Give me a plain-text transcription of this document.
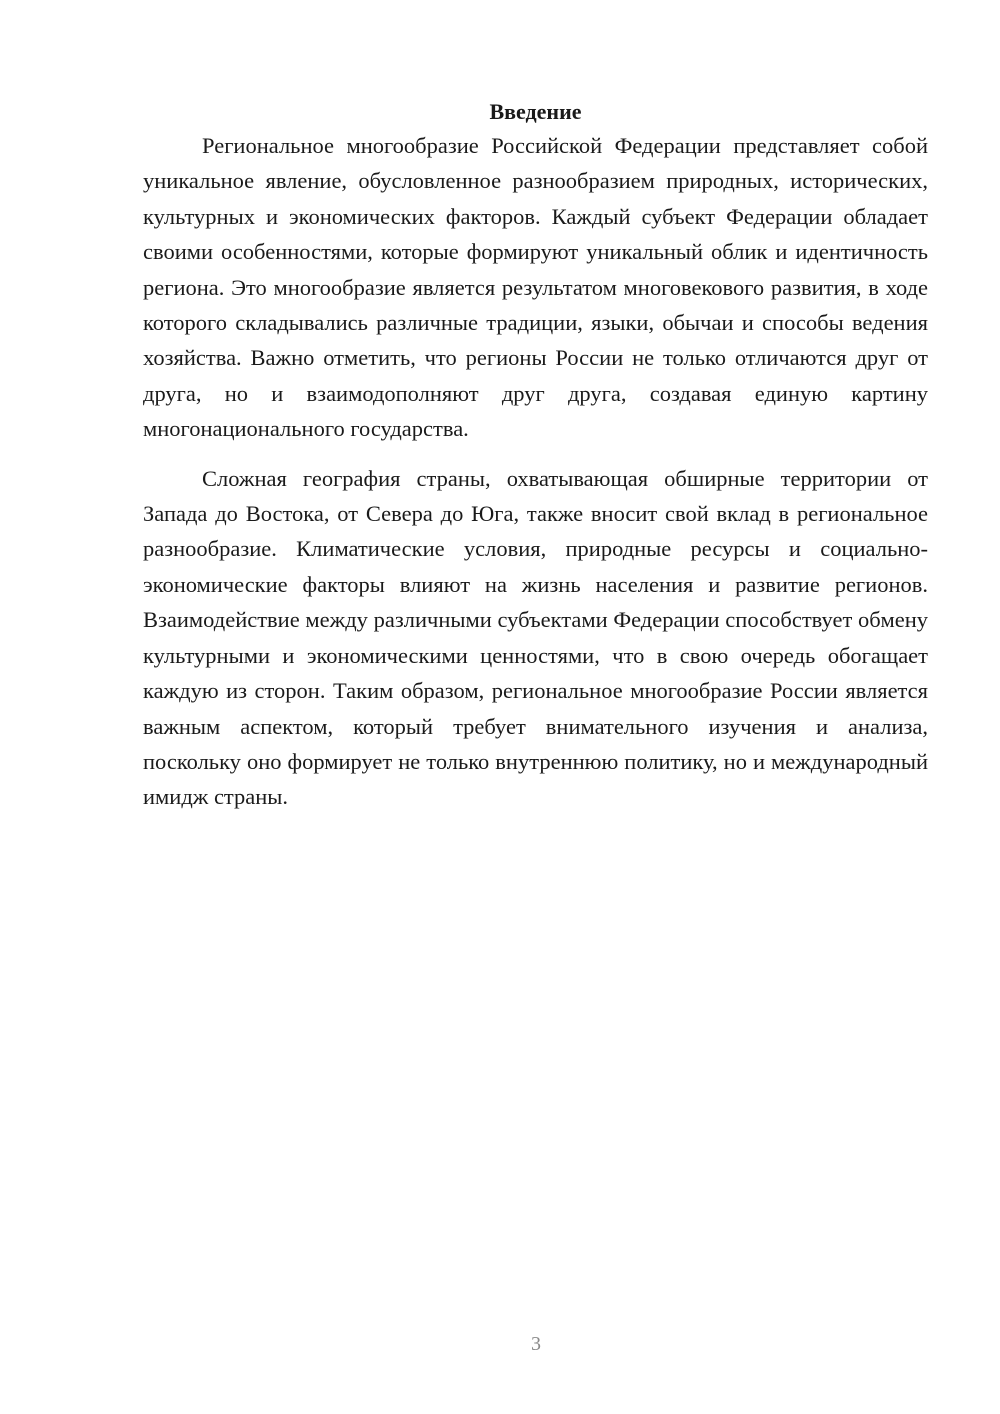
Введение

Региональное многообразие Российской Федерации представляет собой уникальное явление, обусловленное разнообразием природных, исторических, культурных и экономических факторов. Каждый субъект Федерации обладает своими особенностями, которые формируют уникальный облик и идентичность региона. Это многообразие является результатом многовекового развития, в ходе которого складывались различные традиции, языки, обычаи и способы ведения хозяйства. Важно отметить, что регионы России не только отличаются друг от друга, но и взаимодополняют друг друга, создавая единую картину многонационального государства.

Сложная география страны, охватывающая обширные территории от Запада до Востока, от Севера до Юга, также вносит свой вклад в региональное разнообразие. Климатические условия, природные ресурсы и социально-экономические факторы влияют на жизнь населения и развитие регионов. Взаимодействие между различными субъектами Федерации способствует обмену культурными и экономическими ценностями, что в свою очередь обогащает каждую из сторон. Таким образом, региональное многообразие России является важным аспектом, который требует внимательного изучения и анализа, поскольку оно формирует не только внутреннюю политику, но и международный имидж страны.

3
